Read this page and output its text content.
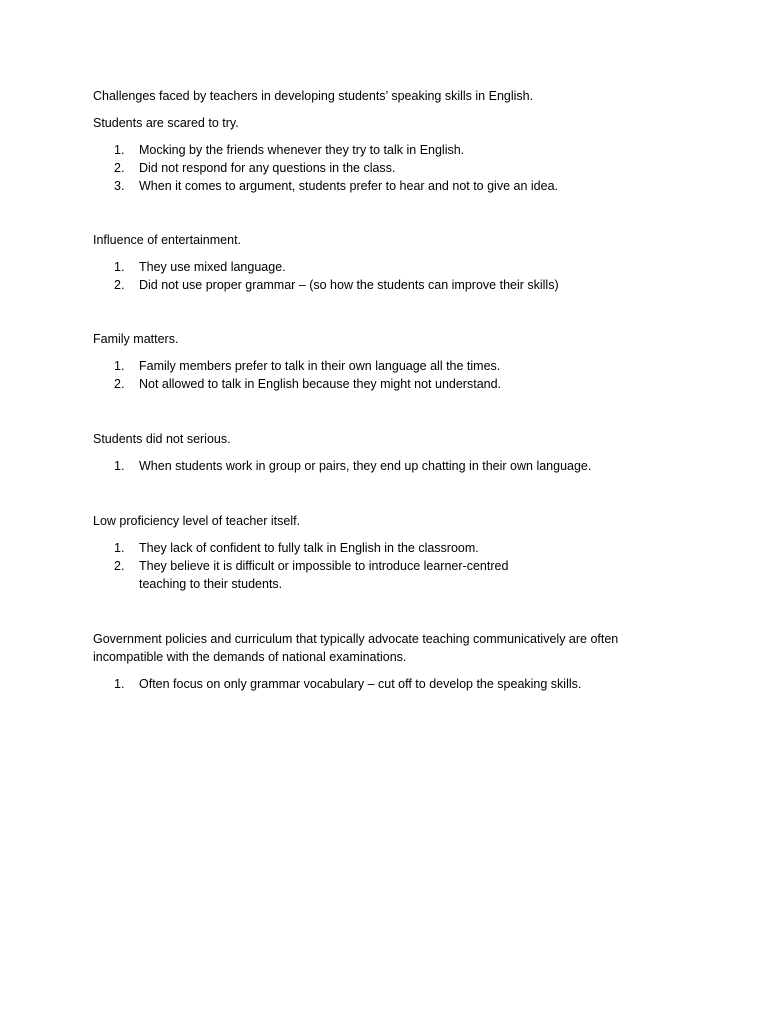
Challenges faced by teachers in developing students’ speaking skills in English.

Students are scared to try.

1. Mocking by the friends whenever they try to talk in English.
2. Did not respond for any questions in the class.
3. When it comes to argument, students prefer to hear and not to give an idea.

Influence of entertainment.

1. They use mixed language.
2. Did not use proper grammar – (so how the students can improve their skills)

Family matters.

1. Family members prefer to talk in their own language all the times.
2. Not allowed to talk in English because they might not understand.

Students did not serious.

1. When students work in group or pairs, they end up chatting in their own language.

Low proficiency level of teacher itself.

1. They lack of confident to fully talk in English in the classroom.
2. They believe it is difficult or impossible to introduce learner-centred teaching to their students.

Government policies and curriculum that typically advocate teaching communicatively are often incompatible with the demands of national examinations.

1. Often focus on only grammar vocabulary – cut off to develop the speaking skills.
